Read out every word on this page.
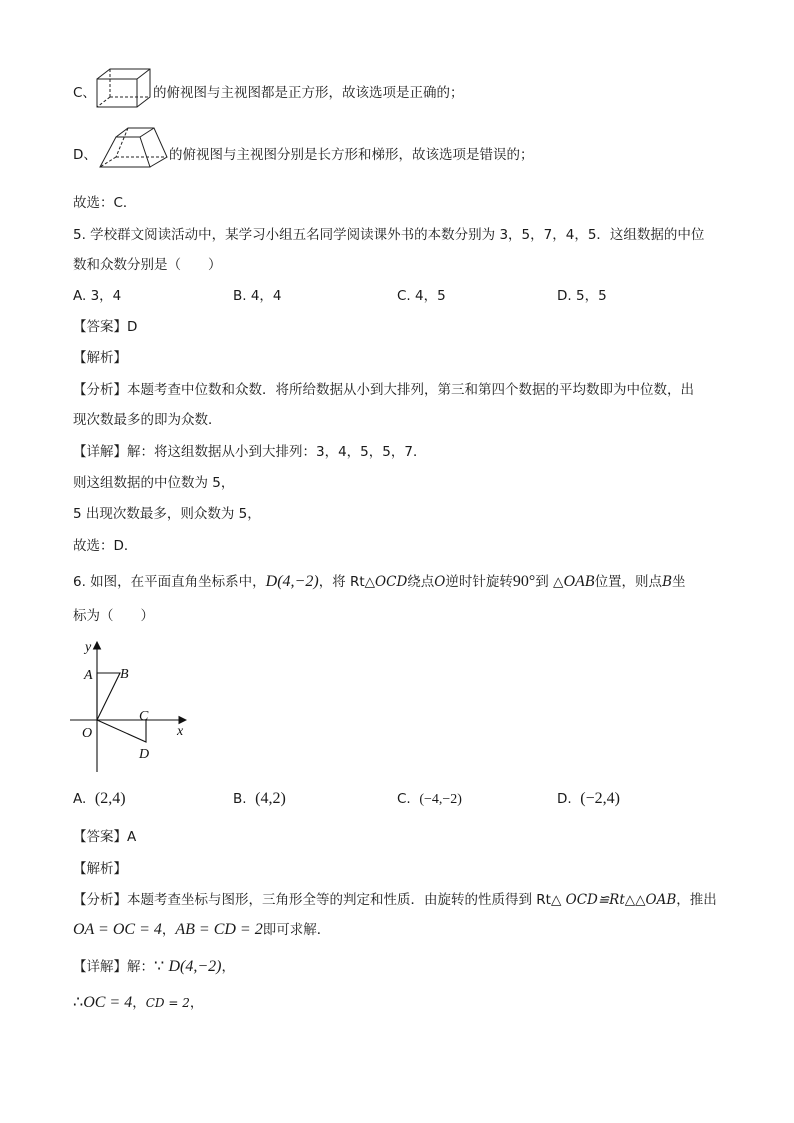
C、	的俯视图与主视图都是正方形，故该选项是正确的；
D、	的俯视图与主视图分别是长方形和梯形，故该选项是错误的；
故选：C．
5. 学校群文阅读活动中，某学习小组五名同学阅读课外书的本数分别为 3，5，7，4，5．这组数据的中位
数和众数分别是（　　）
A. 3，4	B. 4，4	C. 4，5	D. 5，5
【答案】D
【解析】
【分析】本题考查中位数和众数．将所给数据从小到大排列，第三和第四个数据的平均数即为中位数，出
现次数最多的即为众数．
【详解】解：将这组数据从小到大排列：3，4，5，5，7．
则这组数据的中位数为 5，
5 出现次数最多，则众数为 5，
故选：D．
6. 如图，在平面直角坐标系中，D(4,−2)，将 Rt△OCD绕点O逆时针旋转90°到 △OAB位置，则点B坐
标为（　　）
y
x
A B
C
O
D
A. (2,4)	B. (4,2)	C. (−4,−2)	D. (−2,4)
【答案】A
【解析】
【分析】本题考查坐标与图形，三角形全等的判定和性质．由旋转的性质得到 Rt△ OCD≌Rt△△OAB，推出
OA = OC = 4，AB = CD = 2即可求解．
【详解】解：∵ D(4,−2)，
∴OC = 4，CD = 2，
